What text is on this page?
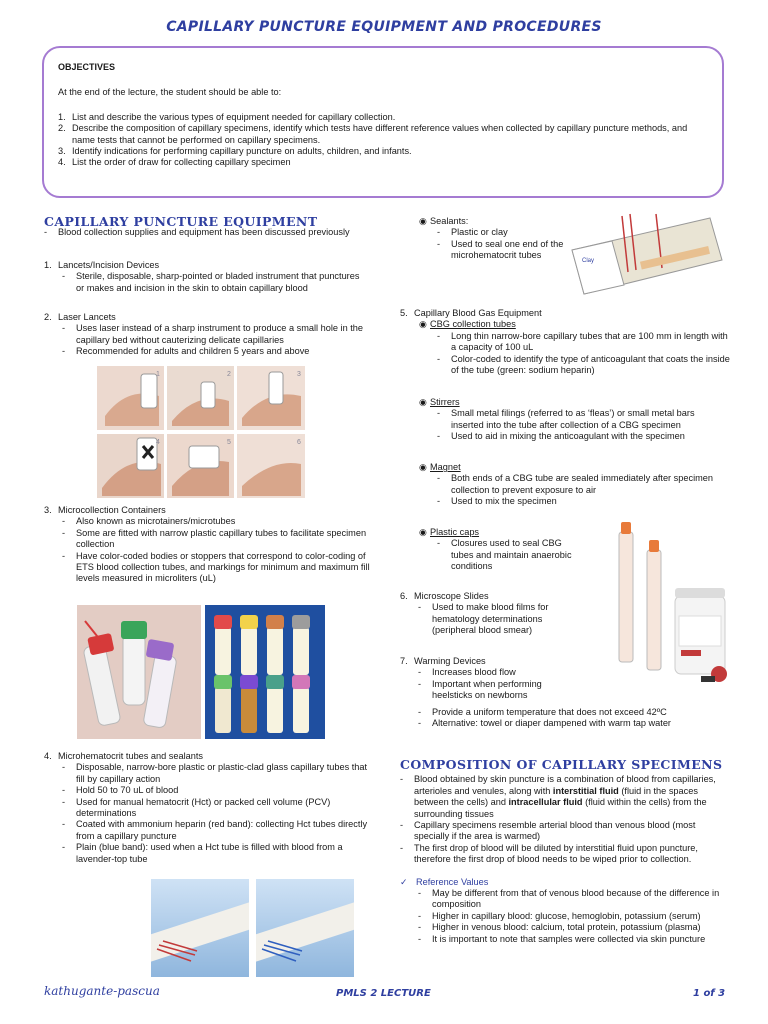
CAPILLARY PUNCTURE EQUIPMENT AND PROCEDURES
OBJECTIVES
At the end of the lecture, the student should be able to:
1. List and describe the various types of equipment needed for capillary collection.
2. Describe the composition of capillary specimens, identify which tests have different reference values when collected by capillary puncture methods, and name tests that cannot be performed on capillary specimens.
3. Identify indications for performing capillary puncture on adults, children, and infants.
4. List the order of draw for collecting capillary specimen
CAPILLARY PUNCTURE EQUIPMENT
-	Blood collection supplies and equipment has been discussed previously
1. Lancets/Incision Devices
-	Sterile, disposable, sharp-pointed or bladed instrument that punctures or makes and incision in the skin to obtain capillary blood
2. Laser Lancets
-	Uses laser instead of a sharp instrument to produce a small hole in the capillary bed without cauterizing delicate capillaries
-	Recommended for adults and children 5 years and above
1	2	3
4	5	6
3. Microcollection Containers
-	Also known as microtainers/microtubes
-	Some are fitted with narrow plastic capillary tubes to facilitate specimen collection
-	Have color-coded bodies or stoppers that correspond to color-coding of ETS blood collection tubes, and markings for minimum and maximum fill levels measured in microliters (uL)
4. Microhematocrit tubes and sealants
-	Disposable, narrow-bore plastic or plastic-clad glass capillary tubes that fill by capillary action
-	Hold 50 to 70 uL of blood
-	Used for manual hematocrit (Hct) or packed cell volume (PCV) determinations
-	Coated with ammonium heparin (red band): collecting Hct tubes directly from a capillary puncture
-	Plain (blue band): used when a Hct tube is filled with blood from a lavender-top tube
◉ Sealants:
-	Plastic or clay
-	Used to seal one end of the microhematocrit tubes
Clay
5. Capillary Blood Gas Equipment
◉ CBG collection tubes
-	Long thin narrow-bore capillary tubes that are 100 mm in length with a capacity of 100 uL
-	Color-coded to identify the type of anticoagulant that coats the inside of the tube (green: sodium heparin)
◉ Stirrers
-	Small metal filings (referred to as ‘fleas’) or small metal bars inserted into the tube after collection of a CBG specimen
-	Used to aid in mixing the anticoagulant with the specimen
◉ Magnet
-	Both ends of a CBG tube are sealed immediately after specimen collection to prevent exposure to air
-	Used to mix the specimen
◉ Plastic caps
-	Closures used to seal CBG tubes and maintain anaerobic conditions
6. Microscope Slides
-	Used to make blood films for hematology determinations (peripheral blood smear)
7. Warming Devices
-	Increases blood flow
-	Important when performing heelsticks on newborns
-	Provide a uniform temperature that does not exceed 42ºC
-	Alternative: towel or diaper dampened with warm tap water
COMPOSITION OF CAPILLARY SPECIMENS
-	Blood obtained by skin puncture is a combination of blood from capillaries, arterioles and venules, along with interstitial fluid (fluid in the spaces between the cells) and intracellular fluid (fluid within the cells) from the surrounding tissues
-	Capillary specimens resemble arterial blood than venous blood (most specially if the area is warmed)
-	The first drop of blood will be diluted by interstitial fluid upon puncture, therefore the first drop of blood needs to be wiped prior to collection.
✓ Reference Values
-	May be different from that of venous blood because of the difference in composition
-	Higher in capillary blood: glucose, hemoglobin, potassium (serum)
-	Higher in venous blood: calcium, total protein, potassium (plasma)
-	It is important to note that samples were collected via skin puncture
kathugante-pascua	PMLS 2 LECTURE	1 of 3
